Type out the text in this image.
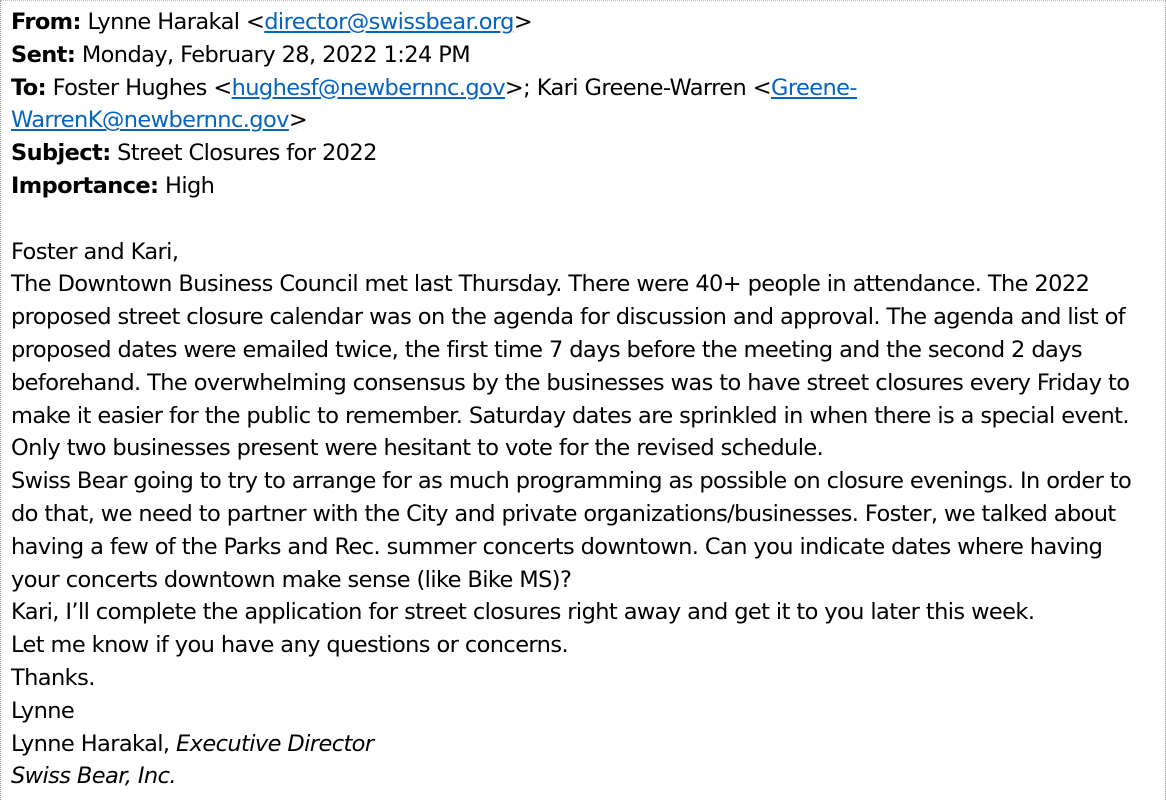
From: Lynne Harakal <director@swissbear.org>
Sent: Monday, February 28, 2022 1:24 PM
To: Foster Hughes <hughesf@newbernnc.gov>; Kari Greene-Warren <Greene-
WarrenK@newbernnc.gov>
Subject: Street Closures for 2022
Importance: High
Foster and Kari,
The Downtown Business Council met last Thursday. There were 40+ people in attendance. The 2022
proposed street closure calendar was on the agenda for discussion and approval. The agenda and list of
proposed dates were emailed twice, the first time 7 days before the meeting and the second 2 days
beforehand. The overwhelming consensus by the businesses was to have street closures every Friday to
make it easier for the public to remember. Saturday dates are sprinkled in when there is a special event.
Only two businesses present were hesitant to vote for the revised schedule.
Swiss Bear going to try to arrange for as much programming as possible on closure evenings. In order to
do that, we need to partner with the City and private organizations/businesses. Foster, we talked about
having a few of the Parks and Rec. summer concerts downtown. Can you indicate dates where having
your concerts downtown make sense (like Bike MS)?
Kari, I’ll complete the application for street closures right away and get it to you later this week.
Let me know if you have any questions or concerns.
Thanks.
Lynne
Lynne Harakal, Executive Director
Swiss Bear, Inc.
